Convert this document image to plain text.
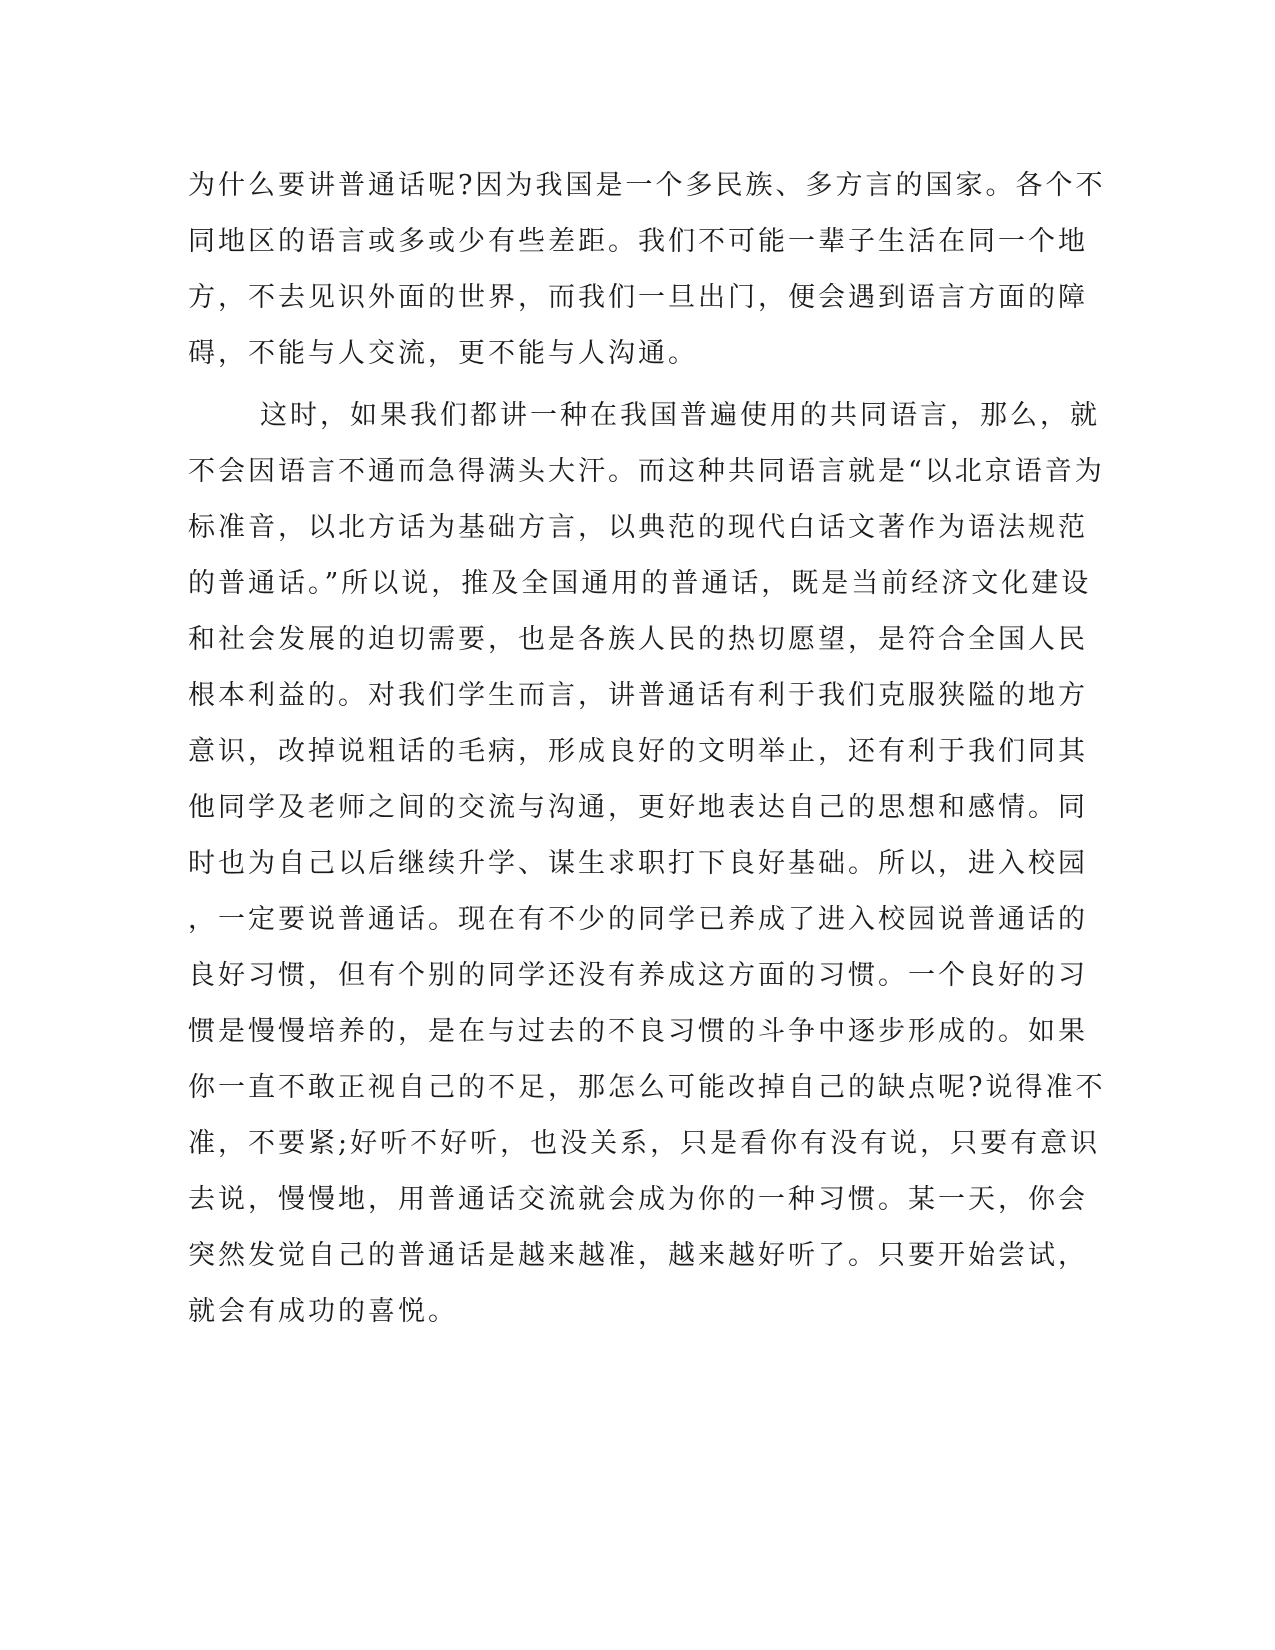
为什么要讲普通话呢?因为我国是一个多民族、多方言的国家。各个不
同地区的语言或多或少有些差距。我们不可能一辈子生活在同一个地
方，不去见识外面的世界，而我们一旦出门，便会遇到语言方面的障
碍，不能与人交流，更不能与人沟通。
这时，如果我们都讲一种在我国普遍使用的共同语言，那么，就
不会因语言不通而急得满头大汗。而这种共同语言就是“以北京语音为
标准音，以北方话为基础方言，以典范的现代白话文著作为语法规范
的普通话。”所以说，推及全国通用的普通话，既是当前经济文化建设
和社会发展的迫切需要，也是各族人民的热切愿望，是符合全国人民
根本利益的。对我们学生而言，讲普通话有利于我们克服狭隘的地方
意识，改掉说粗话的毛病，形成良好的文明举止，还有利于我们同其
他同学及老师之间的交流与沟通，更好地表达自己的思想和感情。同
时也为自己以后继续升学、谋生求职打下良好基础。所以，进入校园
，一定要说普通话。现在有不少的同学已养成了进入校园说普通话的
良好习惯，但有个别的同学还没有养成这方面的习惯。一个良好的习
惯是慢慢培养的，是在与过去的不良习惯的斗争中逐步形成的。如果
你一直不敢正视自己的不足，那怎么可能改掉自己的缺点呢?说得准不
准，不要紧;好听不好听，也没关系，只是看你有没有说，只要有意识
去说，慢慢地，用普通话交流就会成为你的一种习惯。某一天，你会
突然发觉自己的普通话是越来越准，越来越好听了。只要开始尝试，
就会有成功的喜悦。
